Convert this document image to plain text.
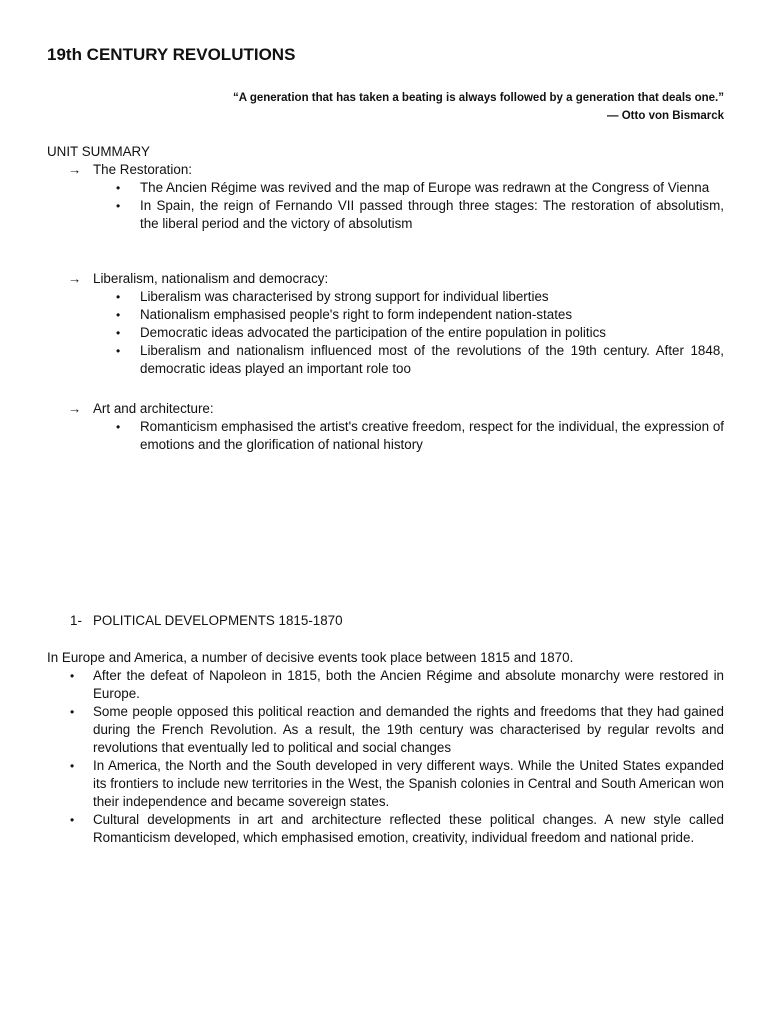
19th CENTURY REVOLUTIONS
“A generation that has taken a beating is always followed by a generation that deals one.”
— Otto von Bismarck
UNIT SUMMARY
→ The Restoration:
• The Ancien Régime was revived and the map of Europe was redrawn at the Congress of Vienna
• In Spain, the reign of Fernando VII passed through three stages: The restoration of absolutism, the liberal period and the victory of absolutism
→ Liberalism, nationalism and democracy:
• Liberalism was characterised by strong support for individual liberties
• Nationalism emphasised people's right to form independent nation-states
• Democratic ideas advocated the participation of the entire population in politics
• Liberalism and nationalism influenced most of the revolutions of the 19th century. After 1848, democratic ideas played an important role too
→ Art and architecture:
• Romanticism emphasised the artist's creative freedom, respect for the individual, the expression of emotions and the glorification of national history
1- POLITICAL DEVELOPMENTS 1815-1870
In Europe and America, a number of decisive events took place between 1815 and 1870.
• After the defeat of Napoleon in 1815, both the Ancien Régime and absolute monarchy were restored in Europe.
• Some people opposed this political reaction and demanded the rights and freedoms that they had gained during the French Revolution. As a result, the 19th century was characterised by regular revolts and revolutions that eventually led to political and social changes
• In America, the North and the South developed in very different ways. While the United States expanded its frontiers to include new territories in the West, the Spanish colonies in Central and South American won their independence and became sovereign states.
• Cultural developments in art and architecture reflected these political changes. A new style called Romanticism developed, which emphasised emotion, creativity, individual freedom and national pride.
